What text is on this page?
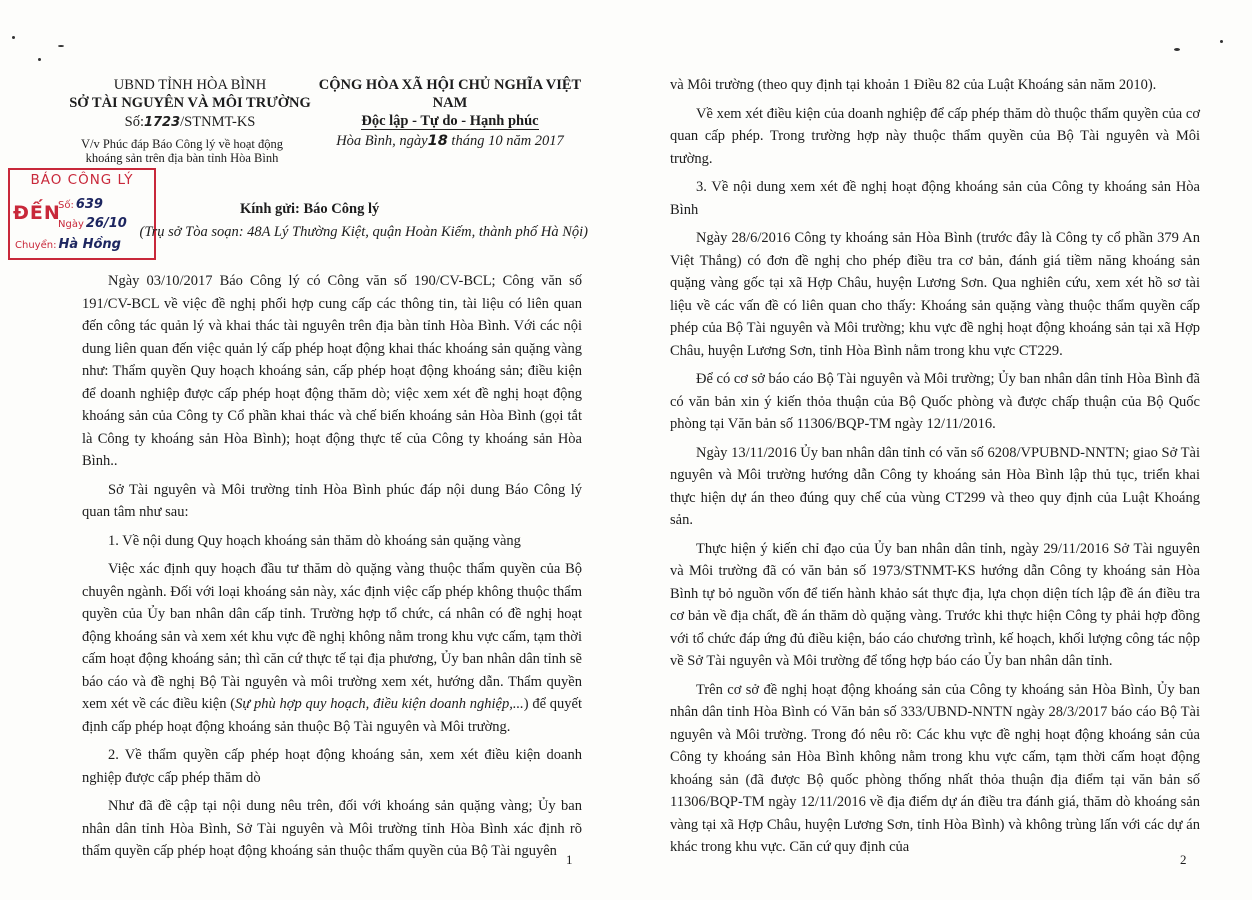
UBND TỈNH HÒA BÌNH
SỞ TÀI NGUYÊN VÀ MÔI TRƯỜNG
Số:1723/STNMT-KS
CỘNG HÒA XÃ HỘI CHỦ NGHĨA VIỆT NAM
Độc lập - Tự do - Hạnh phúc
Hòa Bình, ngày18 tháng 10 năm 2017
V/v Phúc đáp Báo Công lý về hoạt động khoáng sản trên địa bàn tỉnh Hòa Bình
BÁO CÔNG LÝ
ĐẾN
Số: 639
Ngày 26/10
Chuyển: Hà Hồng
Kính gửi: Báo Công lý
(Trụ sở Tòa soạn: 48A Lý Thường Kiệt, quận Hoàn Kiếm, thành phố Hà Nội)

Ngày 03/10/2017 Báo Công lý có Công văn số 190/CV-BCL; Công văn số 191/CV-BCL về việc đề nghị phối hợp cung cấp các thông tin, tài liệu có liên quan đến công tác quản lý và khai thác tài nguyên trên địa bàn tỉnh Hòa Bình. Với các nội dung liên quan đến việc quản lý cấp phép hoạt động khai thác khoáng sản quặng vàng như: Thẩm quyền Quy hoạch khoáng sản, cấp phép hoạt động khoáng sản; điều kiện để doanh nghiệp được cấp phép hoạt động thăm dò; việc xem xét đề nghị hoạt động khoáng sản của Công ty Cổ phần khai thác và chế biến khoáng sản Hòa Bình (gọi tắt là Công ty khoáng sản Hòa Bình); hoạt động thực tế của Công ty khoáng sản Hòa Bình..

Sở Tài nguyên và Môi trường tỉnh Hòa Bình phúc đáp nội dung Báo Công lý quan tâm như sau:

1. Về nội dung Quy hoạch khoáng sản thăm dò khoáng sản quặng vàng

Việc xác định quy hoạch đầu tư thăm dò quặng vàng thuộc thẩm quyền của Bộ chuyên ngành. Đối với loại khoáng sản này, xác định việc cấp phép không thuộc thẩm quyền của Ủy ban nhân dân cấp tỉnh. Trường hợp tổ chức, cá nhân có đề nghị hoạt động khoáng sản và xem xét khu vực đề nghị không nằm trong khu vực cấm, tạm thời cấm hoạt động khoáng sản; thì căn cứ thực tế tại địa phương, Ủy ban nhân dân tỉnh sẽ báo cáo và đề nghị Bộ Tài nguyên và môi trường xem xét, hướng dẫn. Thẩm quyền xem xét về các điều kiện (Sự phù hợp quy hoạch, điều kiện doanh nghiệp,...) để quyết định cấp phép hoạt động khoáng sản thuộc Bộ Tài nguyên và Môi trường.

2. Về thẩm quyền cấp phép hoạt động khoáng sản, xem xét điều kiện doanh nghiệp được cấp phép thăm dò

Như đã đề cập tại nội dung nêu trên, đối với khoáng sản quặng vàng; Ủy ban nhân dân tỉnh Hòa Bình, Sở Tài nguyên và Môi trường tỉnh Hòa Bình xác định rõ thẩm quyền cấp phép hoạt động khoáng sản thuộc thẩm quyền của Bộ Tài nguyên

1

và Môi trường (theo quy định tại khoản 1 Điều 82 của Luật Khoáng sản năm 2010).

Về xem xét điều kiện của doanh nghiệp để cấp phép thăm dò thuộc thẩm quyền của cơ quan cấp phép. Trong trường hợp này thuộc thẩm quyền của Bộ Tài nguyên và Môi trường.

3. Về nội dung xem xét đề nghị hoạt động khoáng sản của Công ty khoáng sản Hòa Bình

Ngày 28/6/2016 Công ty khoáng sản Hòa Bình (trước đây là Công ty cổ phần 379 An Việt Thắng) có đơn đề nghị cho phép điều tra cơ bản, đánh giá tiềm năng khoáng sản quặng vàng gốc tại xã Hợp Châu, huyện Lương Sơn. Qua nghiên cứu, xem xét hồ sơ tài liệu về các vấn đề có liên quan cho thấy: Khoáng sản quặng vàng thuộc thẩm quyền cấp phép của Bộ Tài nguyên và Môi trường; khu vực đề nghị hoạt động khoáng sản tại xã Hợp Châu, huyện Lương Sơn, tỉnh Hòa Bình nằm trong khu vực CT229.

Để có cơ sở báo cáo Bộ Tài nguyên và Môi trường; Ủy ban nhân dân tỉnh Hòa Bình đã có văn bản xin ý kiến thỏa thuận của Bộ Quốc phòng và được chấp thuận của Bộ Quốc phòng tại Văn bản số 11306/BQP-TM ngày 12/11/2016.

Ngày 13/11/2016 Ủy ban nhân dân tỉnh có văn số 6208/VPUBND-NNTN; giao Sở Tài nguyên và Môi trường hướng dẫn Công ty khoáng sản Hòa Bình lập thủ tục, triển khai thực hiện dự án theo đúng quy chế của vùng CT299 và theo quy định của Luật Khoáng sản.

Thực hiện ý kiến chỉ đạo của Ủy ban nhân dân tỉnh, ngày 29/11/2016 Sở Tài nguyên và Môi trường đã có văn bản số 1973/STNMT-KS hướng dẫn Công ty khoáng sản Hòa Bình tự bỏ nguồn vốn để tiến hành khảo sát thực địa, lựa chọn diện tích lập đề án điều tra cơ bản về địa chất, đề án thăm dò quặng vàng. Trước khi thực hiện Công ty phải hợp đồng với tổ chức đáp ứng đủ điều kiện, báo cáo chương trình, kế hoạch, khối lượng công tác nộp về Sở Tài nguyên và Môi trường để tổng hợp báo cáo Ủy ban nhân dân tỉnh.

Trên cơ sở đề nghị hoạt động khoáng sản của Công ty khoáng sản Hòa Bình, Ủy ban nhân dân tỉnh Hòa Bình có Văn bản số 333/UBND-NNTN ngày 28/3/2017 báo cáo Bộ Tài nguyên và Môi trường. Trong đó nêu rõ: Các khu vực đề nghị hoạt động khoáng sản của Công ty khoáng sản Hòa Bình không nằm trong khu vực cấm, tạm thời cấm hoạt động khoáng sản (đã được Bộ quốc phòng thống nhất thỏa thuận địa điểm tại văn bản số 11306/BQP-TM ngày 12/11/2016 về địa điểm dự án điều tra đánh giá, thăm dò khoáng sản vàng tại xã Hợp Châu, huyện Lương Sơn, tỉnh Hòa Bình) và không trùng lấn với các dự án khác trong khu vực. Căn cứ quy định của

2
